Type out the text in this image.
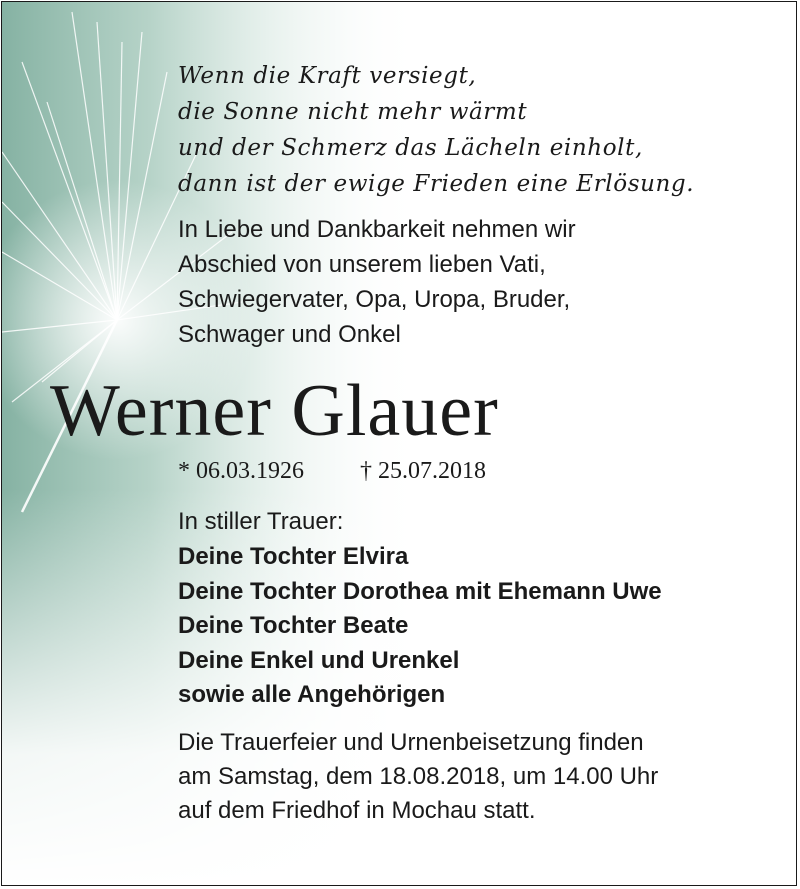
Wenn die Kraft versiegt,
die Sonne nicht mehr wärmt
und der Schmerz das Lächeln einholt,
dann ist der ewige Frieden eine Erlösung.
In Liebe und Dankbarkeit nehmen wir
Abschied von unserem lieben Vati,
Schwiegervater, Opa, Uropa, Bruder,
Schwager und Onkel
Werner Glauer
* 06.03.1926 † 25.07.2018
In stiller Trauer:
Deine Tochter Elvira
Deine Tochter Dorothea mit Ehemann Uwe
Deine Tochter Beate
Deine Enkel und Urenkel
sowie alle Angehörigen
Die Trauerfeier und Urnenbeisetzung finden
am Samstag, dem 18.08.2018, um 14.00 Uhr
auf dem Friedhof in Mochau statt.
